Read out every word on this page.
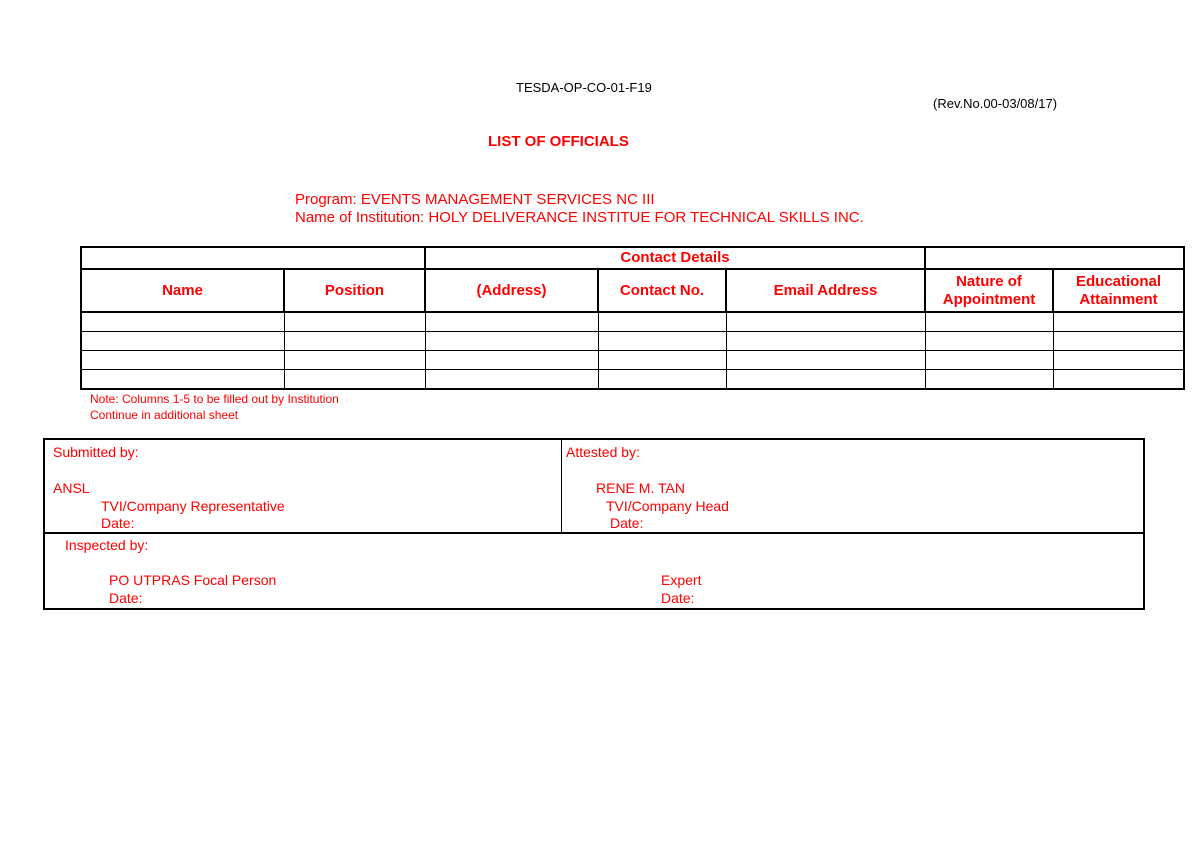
TESDA-OP-CO-01-F19
(Rev.No.00-03/08/17)
LIST OF OFFICIALS
Program: EVENTS MANAGEMENT SERVICES NC III
Name of Institution: HOLY DELIVERANCE INSTITUE FOR TECHNICAL SKILLS INC.
		Contact Details				
Name	Position	(Address)	Contact No.	Email Address	Nature of Appointment	Educational Attainment

Note: Columns 1-5 to be filled out by Institution
Continue in additional sheet
Submitted by:
ANSL
TVI/Company Representative
Date:
Attested by:
RENE M. TAN
TVI/Company Head
Date:
Inspected by:
PO UTPRAS Focal Person
Date:
Expert
Date:
